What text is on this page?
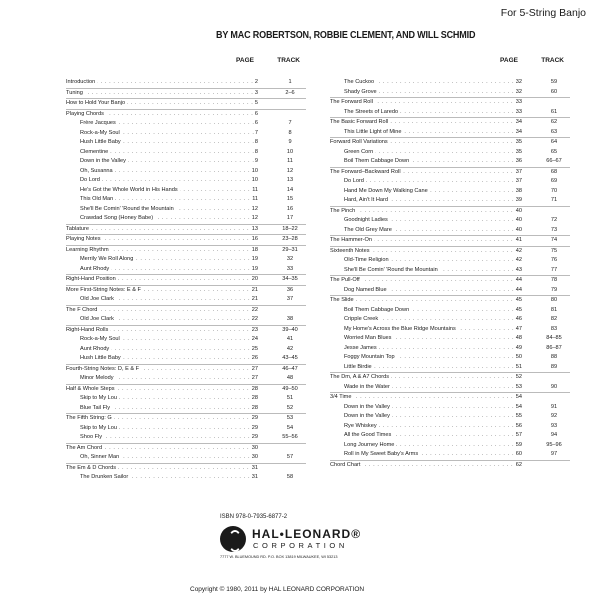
For 5-String Banjo
BY MAC ROBERTSON, ROBBIE CLEMENT, AND WILL SCHMID
PAGE	TRACK
. . .
Introduction	2	1
. . .
Tuning	3	2–6
. . .
How to Hold Your Banjo	5
. . .
Playing Chords	6
. . .
Frère Jacques	6	7
. . .
Rock-a-My Soul	7	8
. . .
Hush Little Baby	8	9
. . .
Clementine	8	10
. . .
Down in the Valley	9	11
. . .
Oh, Susanna	10	12
. . .
Do Lord	10	13
. . .
He's Got the Whole World in His Hands	11	14
. . .
This Old Man	11	15
. . .
She'll Be Comin' 'Round the Mountain	12	16
. . .
Crawdad Song (Honey Babe)	12	17
. . .
Tablature	13	18–22
. . .
Playing Notes	16	23–28
. . .
Learning Rhythm	18	29–31
. . .
Merrily We Roll Along	19	32
. . .
Aunt Rhody	19	33
. . .
Right-Hand Position	20	34–35
. . .
More First-String Notes: E & F	21	36
. . .
Old Joe Clark	21	37
. . .
The F Chord	22
. . .
Old Joe Clark	22	38
. . .
Right-Hand Rolls	23	39–40
. . .
Rock-a-My Soul	24	41
. . .
Aunt Rhody	25	42
. . .
Hush Little Baby	26	43–45
. . .
Fourth-String Notes: D, E & F	27	46–47
. . .
Minor Melody	27	48
. . .
Half & Whole Steps	28	49–50
. . .
Skip to My Lou	28	51
. . .
Blue Tail Fly	28	52
. . .
The Fifth String: G	29	53
. . .
Skip to My Lou	29	54
. . .
Shoo Fly	29	55–56
. . .
The Am Chord	30
. . .
Oh, Sinner Man	30	57
. . .
The Em & D Chords	31
. . .
The Drunken Sailor	31	58
PAGE	TRACK
. . .
The Cuckoo	32	59
. . .
Shady Grove	32	60
. . .
The Forward Roll	33
. . .
The Streets of Laredo	33	61
. . .
The Basic Forward Roll	34	62
. . .
This Little Light of Mine	34	63
. . .
Forward Roll Variations	35	64
. . .
Green Corn	35	65
. . .
Boil Them Cabbage Down	36	66–67
. . .
The Forward–Backward Roll	37	68
. . .
Do Lord	37	69
. . .
Hand Me Down My Walking Cane	38	70
. . .
Hard, Ain't It Hard	39	71
. . .
The Pinch	40
. . .
Goodnight Ladies	40	72
. . .
The Old Grey Mare	40	73
. . .
The Hammer-On	41	74
. . .
Sixteenth Notes	42	75
. . .
Old-Time Religion	42	76
. . .
She'll Be Comin' 'Round the Mountain	43	77
. . .
The Pull-Off	44	78
. . .
Dog Named Blue	44	79
. . .
The Slide	45	80
. . .
Boil Them Cabbage Down	45	81
. . .
Cripple Creek	46	82
. . .
My Home's Across the Blue Ridge Mountains	47	83
. . .
Worried Man Blues	48	84–85
. . .
Jesse James	49	86–87
. . .
Foggy Mountain Top	50	88
. . .
Little Birdie	51	89
. . .
The Dm, A & A7 Chords	52
. . .
Wade in the Water	53	90
. . .
3/4 Time	54
. . .
Down in the Valley	54	91
. . .
Down in the Valley	55	92
. . .
Rye Whiskey	56	93
. . .
All the Good Times	57	94
. . .
Long Journey Home	59	95–96
. . .
Roll in My Sweet Baby's Arms	60	97
. . .
Chord Chart	62
ISBN 978-0-7935-6877-2
HAL•LEONARD®
CORPORATION
7777 W. BLUEMOUND RD. P.O. BOX 13819 MILWAUKEE, WI 53213
Copyright © 1980, 2011 by HAL LEONARD CORPORATION
